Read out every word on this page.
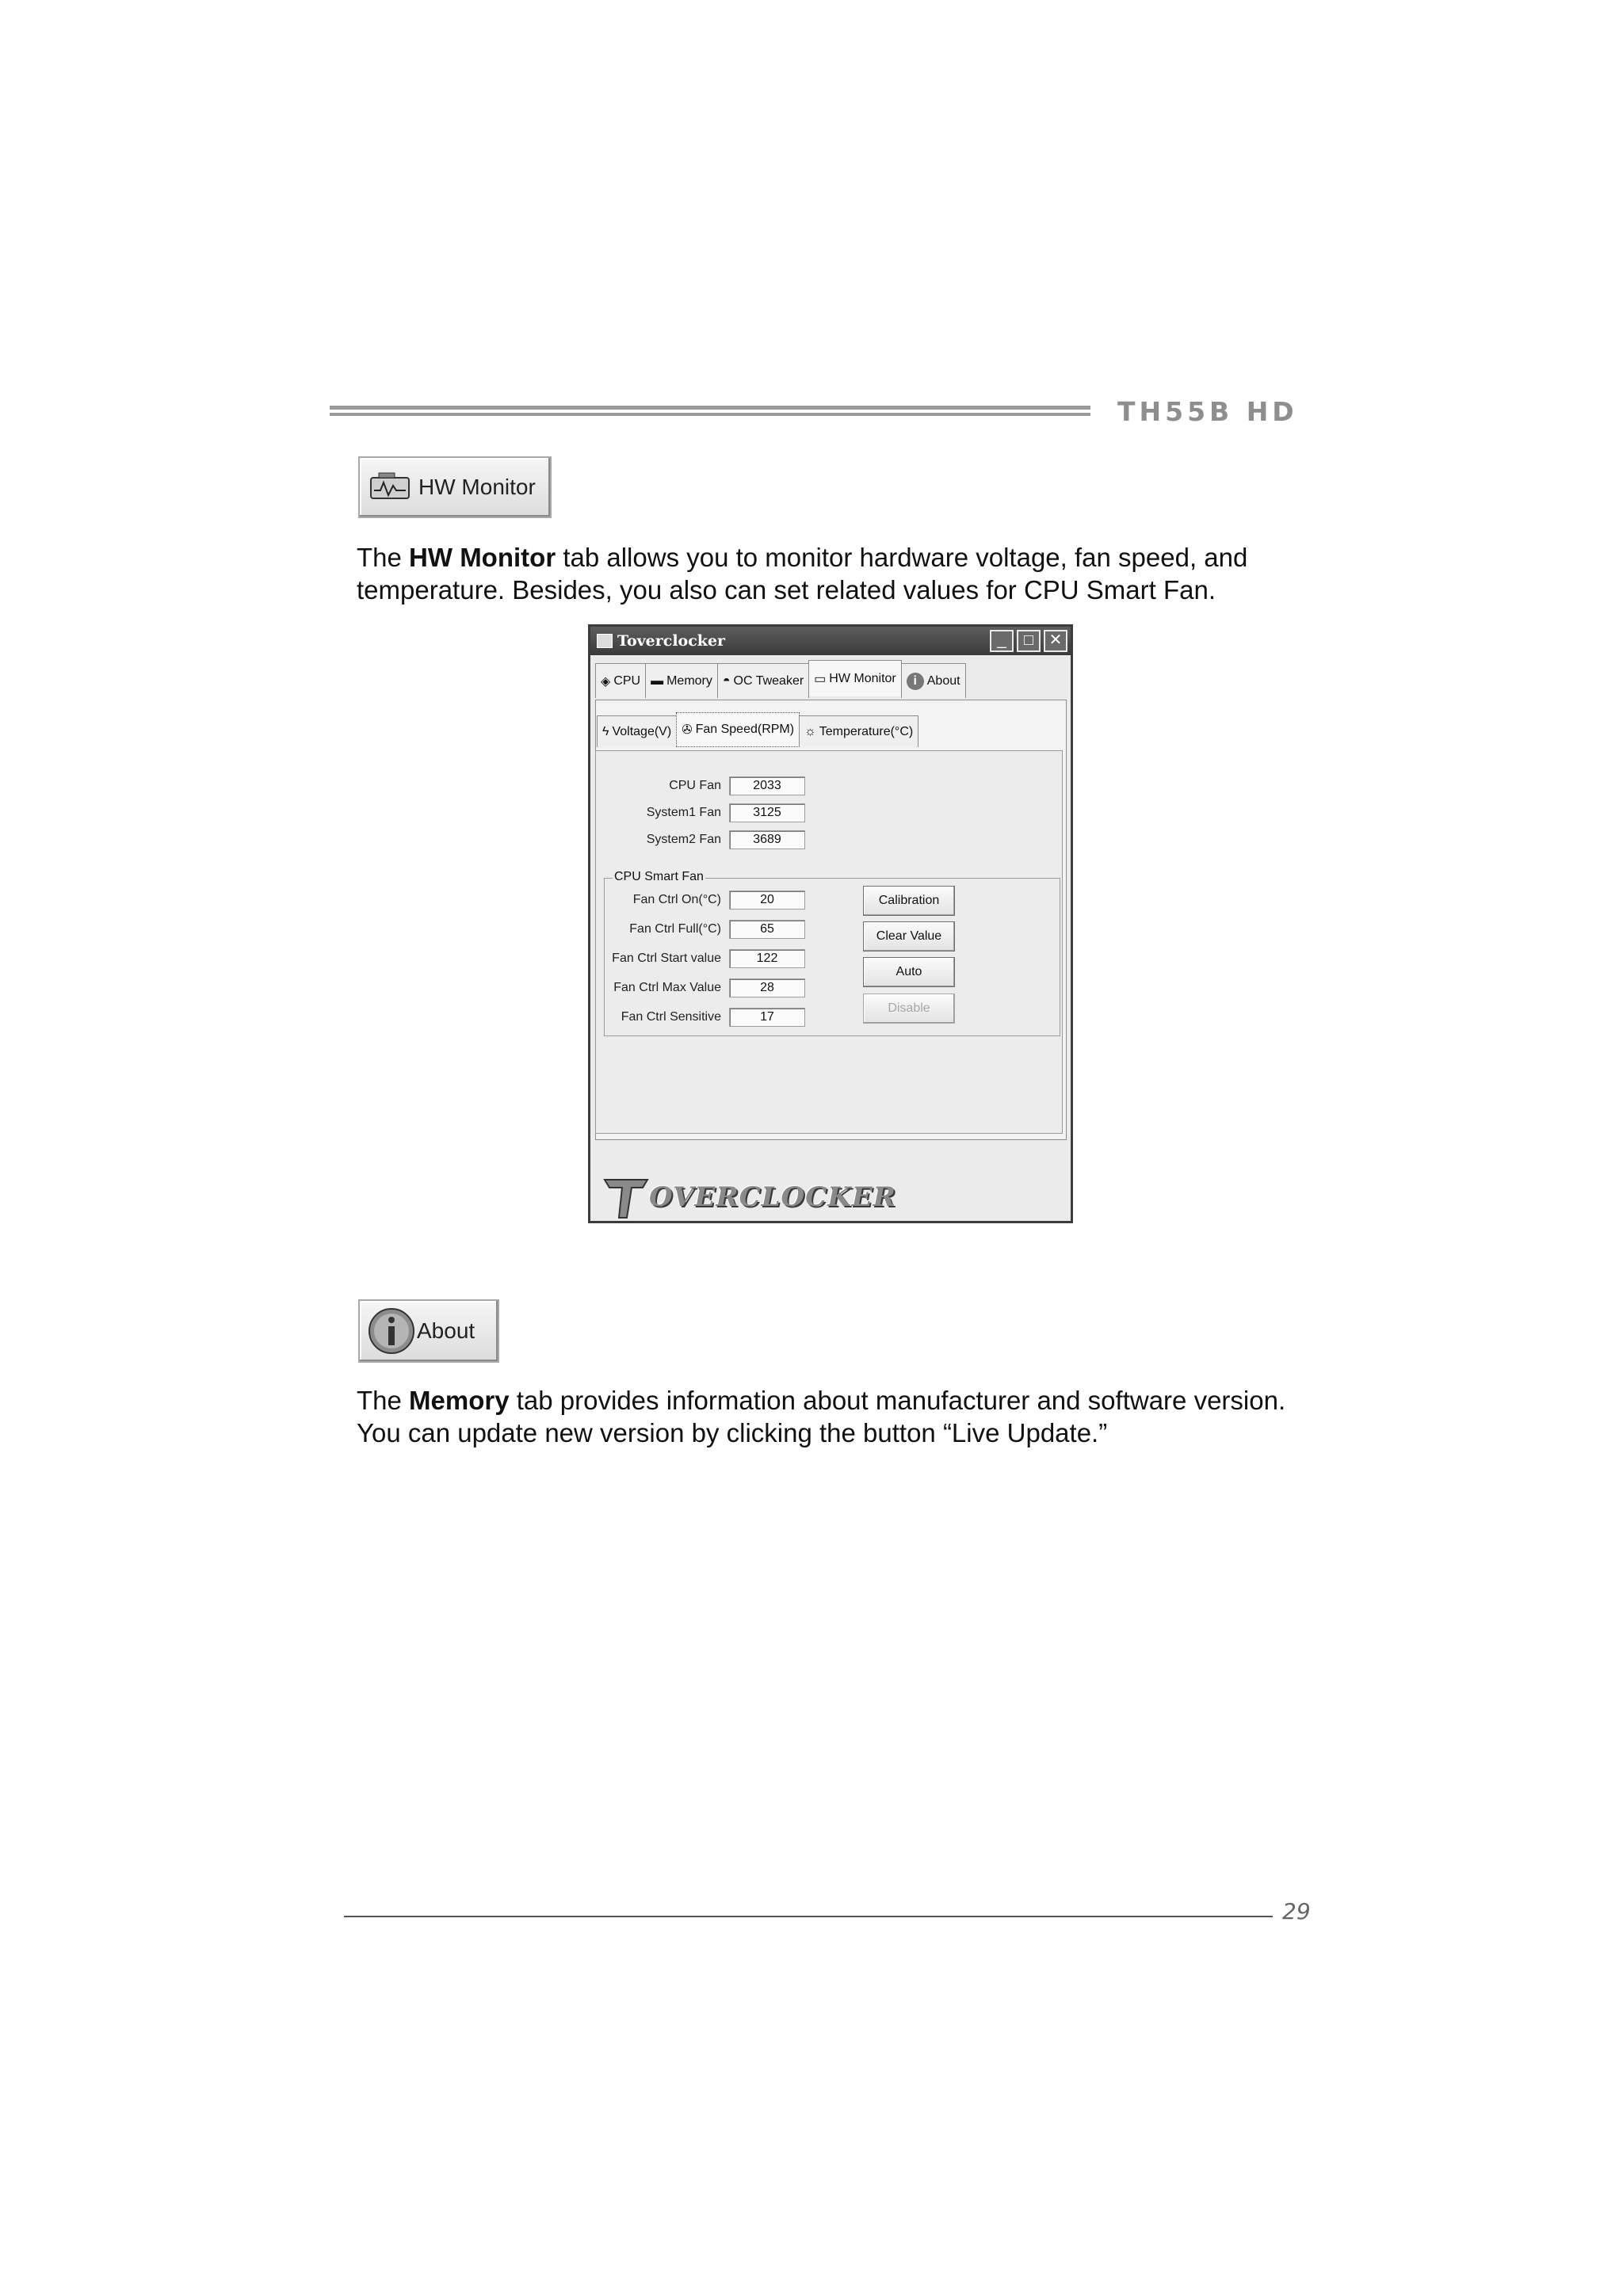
TH55B HD
HW Monitor
The HW Monitor tab allows you to monitor hardware voltage, fan speed, and temperature. Besides, you also can set related values for CPU Smart Fan.
Toverclocker	_	□ ✕
◈ CPU ▬ Memory ◓ OC Tweaker ▭ HW Monitor	i About
ϟ Voltage(V) ✇ Fan Speed(RPM) ☼ Temperature(°C)
CPU Fan	2033
System1 Fan	3125
System2 Fan	3689
CPU Smart Fan
Fan Ctrl On(°C)	20
Fan Ctrl Full(°C)	65
Fan Ctrl Start value	122
Fan Ctrl Max Value	28
Fan Ctrl Sensitive	17
Calibration
Clear Value
Auto
Disable
OVERCLOCKER
About
The Memory tab provides information about manufacturer and software version. You can update new version by clicking the button “Live Update.”
29
